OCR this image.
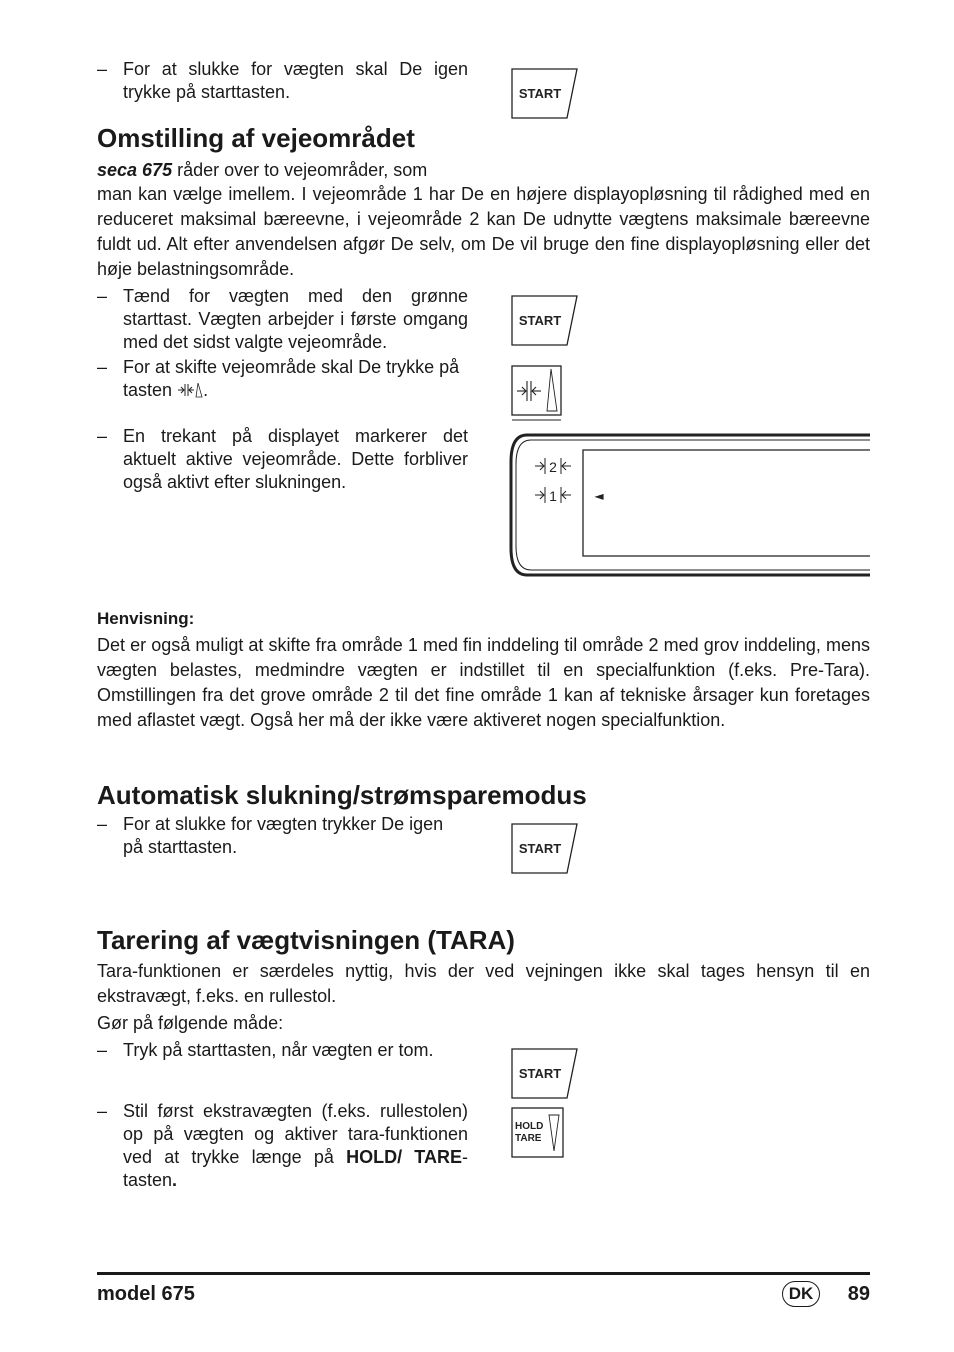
– For at slukke for vægten skal De igen trykke på starttasten.	START
Omstilling af vejeområdet
seca 675 råder over to vejeområder, som
man kan vælge imellem. I vejeområde 1 har De en højere displayopløsning til rådighed med en reduceret maksimal bæreevne, i vejeområde 2 kan De udnytte vægtens maksimale bæreevne fuldt ud. Alt efter anvendelsen afgør De selv, om De vil bruge den fine displayopløsning eller det høje belastningsområde.
– Tænd for vægten med den grønne starttast. Vægten arbejder i første omgang med det sidst valgte vejeområde.
START
– For at skifte vejeområde skal De trykke på tasten .
– En trekant på displayet markerer det aktuelt aktive vejeområde. Dette forbliver også aktivt efter slukningen.
2
1	◄
Henvisning:
Det er også muligt at skifte fra område 1 med fin inddeling til område 2 med grov inddeling, mens vægten belastes, medmindre vægten er indstillet til en specialfunktion (f.eks. Pre-Tara). Omstillingen fra det grove område 2 til det fine område 1 kan af tekniske årsager kun foretages med aflastet vægt. Også her må der ikke være aktiveret nogen specialfunktion.
Automatisk slukning/strømsparemodus
– For at slukke for vægten trykker De igen på starttasten.	START
Tarering af vægtvisningen (TARA)
Tara-funktionen er særdeles nyttig, hvis der ved vejningen ikke skal tages hensyn til en ekstravægt, f.eks. en rullestol.
Gør på følgende måde:
– Tryk på starttasten, når vægten er tom.
START
– Stil først ekstravægten (f.eks. rullestolen) op på vægten og aktiver tara-funktionen ved at trykke længe på HOLD/ TARE-tasten.
HOLD
TARE
model 675	DK	89
